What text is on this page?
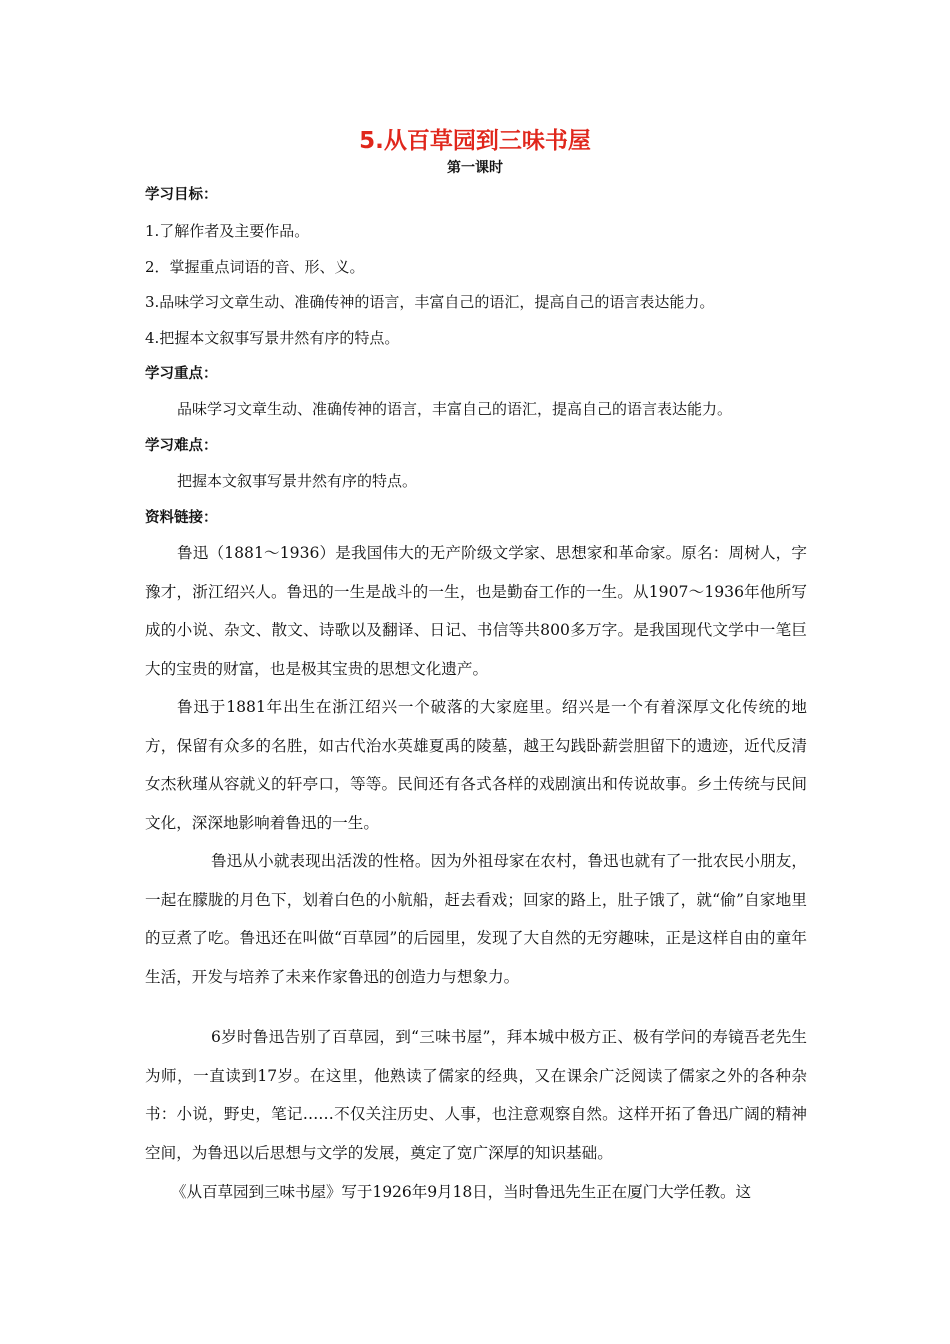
5.从百草园到三味书屋
第一课时
学习目标：
1.了解作者及主要作品。
2．掌握重点词语的音、形、义。
3.品味学习文章生动、准确传神的语言，丰富自己的语汇，提高自己的语言表达能力。
4.把握本文叙事写景井然有序的特点。
学习重点：
品味学习文章生动、准确传神的语言，丰富自己的语汇，提高自己的语言表达能力。
学习难点：
把握本文叙事写景井然有序的特点。
资料链接：

鲁迅（1881～1936）是我国伟大的无产阶级文学家、思想家和革命家。原名：周树人，字豫才，浙江绍兴人。鲁迅的一生是战斗的一生，也是勤奋工作的一生。从1907～1936年他所写成的小说、杂文、散文、诗歌以及翻译、日记、书信等共800多万字。是我国现代文学中一笔巨大的宝贵的财富，也是极其宝贵的思想文化遗产。

鲁迅于1881年出生在浙江绍兴一个破落的大家庭里。绍兴是一个有着深厚文化传统的地方，保留有众多的名胜，如古代治水英雄夏禹的陵墓，越王勾践卧薪尝胆留下的遗迹，近代反清女杰秋瑾从容就义的轩亭口，等等。民间还有各式各样的戏剧演出和传说故事。乡土传统与民间文化，深深地影响着鲁迅的一生。

鲁迅从小就表现出活泼的性格。因为外祖母家在农村，鲁迅也就有了一批农民小朋友，一起在朦胧的月色下，划着白色的小航船，赶去看戏；回家的路上，肚子饿了，就“偷”自家地里的豆煮了吃。鲁迅还在叫做“百草园”的后园里，发现了大自然的无穷趣味，正是这样自由的童年生活，开发与培养了未来作家鲁迅的创造力与想象力。

6岁时鲁迅告别了百草园，到“三味书屋”，拜本城中极方正、极有学问的寿镜吾老先生为师，一直读到17岁。在这里，他熟读了儒家的经典，又在课余广泛阅读了儒家之外的各种杂书：小说，野史，笔记……不仅关注历史、人事，也注意观察自然。这样开拓了鲁迅广阔的精神空间，为鲁迅以后思想与文学的发展，奠定了宽广深厚的知识基础。

《从百草园到三味书屋》写于1926年9月18日，当时鲁迅先生正在厦门大学任教。这
